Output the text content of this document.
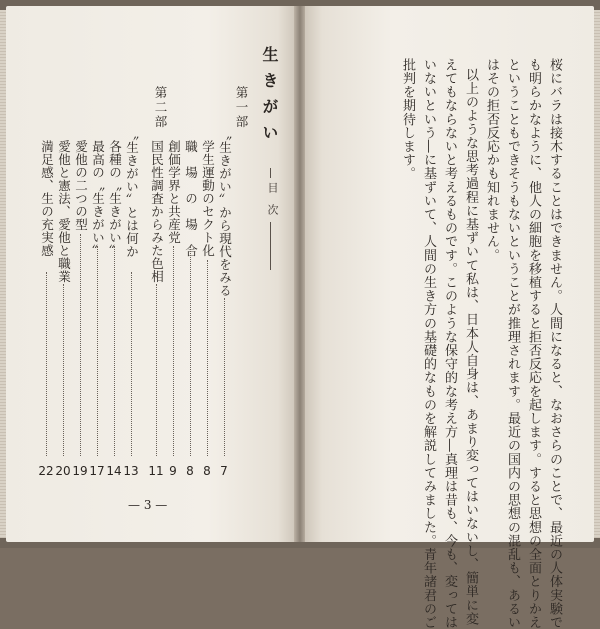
生きがい
目　次
第一部
第二部
〝生きがい〟から現代をみる
7
学生運動のセクト化
8
職　場　の　場　合
8
創価学界と共産党
9
国民性調査からみた色相
11
〝生きがい〟とは何か
13
各種の〝生きがい〟
14
最高の〝生きがい〟
17
愛他の二つの型
19
愛他と憲法、愛他と職業
20
満足感、生の充実感
22
— 3 —	桜にバラは接木することはできません。人間になると、なおさらのことで、最近の人体実験で
も明らかなように、他人の細胞を移植すると拒否反応を起します。すると思想の全面とりかえ
ということもできそうもないということが推理されます。最近の国内の思想の混乱も、あるい
はその拒否反応かも知れません。
以上のような思考過程に基ずいて私は、日本人自身は、あまり変ってはいないし、簡単に変
えてもならないと考えるものです。このような保守的な考え方―真理は昔も、今も、変っては
いないという―に基ずいて、人間の生き方の基礎的なものを解説してみました。青年諸君のご
批判を期待します。
